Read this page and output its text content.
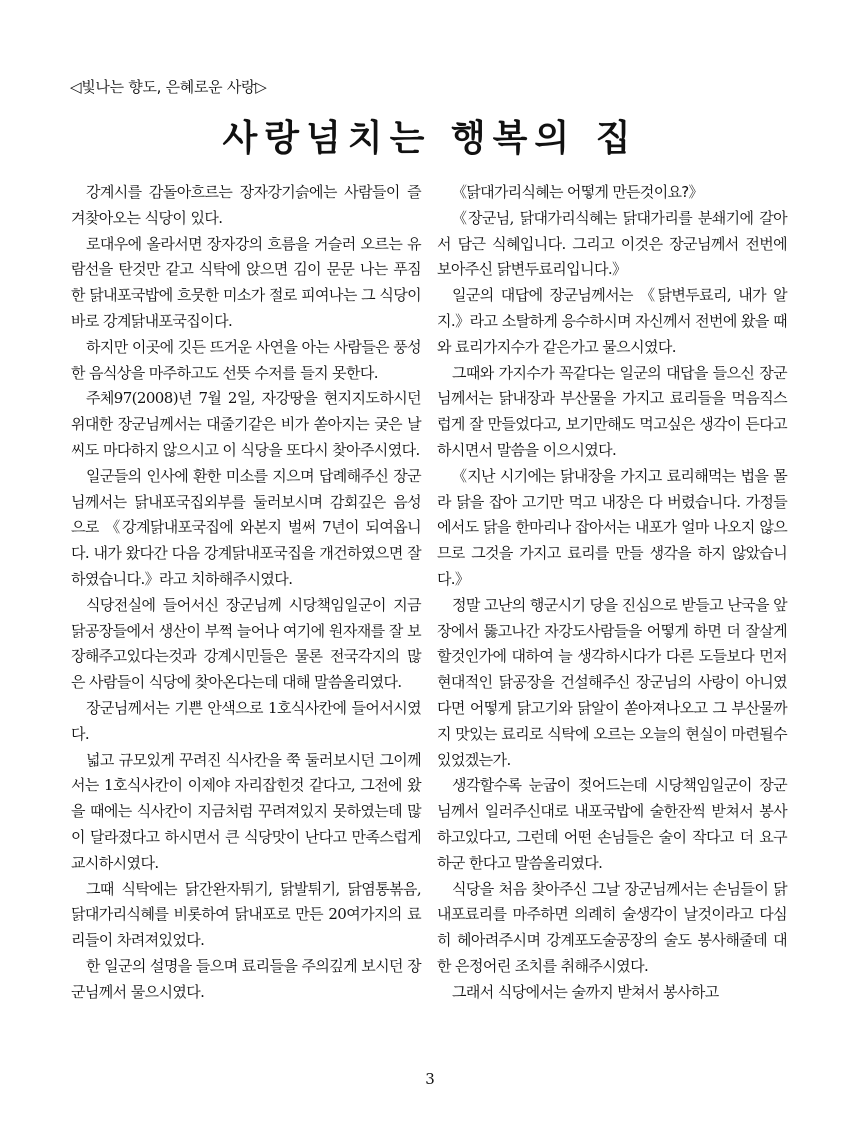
◁빛나는 향도, 은혜로운 사랑▷
사랑넘치는 행복의 집

강계시를 감돌아흐르는 장자강기슭에는 사람들이 즐겨찾아오는 식당이 있다.

로대우에 올라서면 장자강의 흐름을 거슬러 오르는 유람선을 탄것만 같고 식탁에 앉으면 김이 문문 나는 푸짐한 닭내포국밥에 흐뭇한 미소가 절로 피여나는 그 식당이 바로 강계닭내포국집이다.

하지만 이곳에 깃든 뜨거운 사연을 아는 사람들은 풍성한 음식상을 마주하고도 선뜻 수저를 들지 못한다.

주체97(2008)년 7월 2일, 자강땅을 현지지도하시던 위대한 장군님께서는 대줄기같은 비가 쏟아지는 궂은 날씨도 마다하지 않으시고 이 식당을 또다시 찾아주시였다.

일군들의 인사에 환한 미소를 지으며 답례해주신 장군님께서는 닭내포국집외부를 둘러보시며 감회깊은 음성으로 《강계닭내포국집에 와본지 벌써 7년이 되여옵니다. 내가 왔다간 다음 강계닭내포국집을 개건하였으면 잘하였습니다.》라고 치하해주시였다.

식당전실에 들어서신 장군님께 시당책임일군이 지금 닭공장들에서 생산이 부쩍 늘어나 여기에 원자재를 잘 보장해주고있다는것과 강계시민들은 물론 전국각지의 많은 사람들이 식당에 찾아온다는데 대해 말씀올리였다.

장군님께서는 기쁜 안색으로 1호식사칸에 들어서시였다.

넓고 규모있게 꾸려진 식사칸을 쭉 둘러보시던 그이께서는 1호식사칸이 이제야 자리잡힌것 같다고, 그전에 왔을 때에는 식사칸이 지금처럼 꾸려져있지 못하였는데 많이 달라졌다고 하시면서 큰 식당맛이 난다고 만족스럽게 교시하시였다.

그때 식탁에는 닭간완자튀기, 닭발튀기, 닭염통볶음, 닭대가리식혜를 비롯하여 닭내포로 만든 20여가지의 료리들이 차려져있었다.

한 일군의 설명을 들으며 료리들을 주의깊게 보시던 장군님께서 물으시였다.

《닭대가리식혜는 어떻게 만든것이요?》

《장군님, 닭대가리식혜는 닭대가리를 분쇄기에 갈아서 담근 식혜입니다. 그리고 이것은 장군님께서 전번에 보아주신 닭변두료리입니다.》

일군의 대답에 장군님께서는 《닭변두료리, 내가 알지.》라고 소탈하게 응수하시며 자신께서 전번에 왔을 때와 료리가지수가 같은가고 물으시였다.

그때와 가지수가 꼭같다는 일군의 대답을 들으신 장군님께서는 닭내장과 부산물을 가지고 료리들을 먹음직스럽게 잘 만들었다고, 보기만해도 먹고싶은 생각이 든다고 하시면서 말씀을 이으시였다.

《지난 시기에는 닭내장을 가지고 료리해먹는 법을 몰라 닭을 잡아 고기만 먹고 내장은 다 버렸습니다. 가정들에서도 닭을 한마리나 잡아서는 내포가 얼마 나오지 않으므로 그것을 가지고 료리를 만들 생각을 하지 않았습니다.》

정말 고난의 행군시기 당을 진심으로 받들고 난국을 앞장에서 뚫고나간 자강도사람들을 어떻게 하면 더 잘살게 할것인가에 대하여 늘 생각하시다가 다른 도들보다 먼저 현대적인 닭공장을 건설해주신 장군님의 사랑이 아니였다면 어떻게 닭고기와 닭알이 쏟아져나오고 그 부산물까지 맛있는 료리로 식탁에 오르는 오늘의 현실이 마련될수 있었겠는가.

생각할수록 눈굽이 젖어드는데 시당책임일군이 장군님께서 일러주신대로 내포국밥에 술한잔씩 받쳐서 봉사하고있다고, 그런데 어떤 손님들은 술이 작다고 더 요구하군 한다고 말씀올리였다.

식당을 처음 찾아주신 그날 장군님께서는 손님들이 닭내포료리를 마주하면 의례히 술생각이 날것이라고 다심히 헤아려주시며 강계포도술공장의 술도 봉사해줄데 대한 은정어린 조치를 취해주시였다.

그래서 식당에서는 술까지 받쳐서 봉사하고

3
